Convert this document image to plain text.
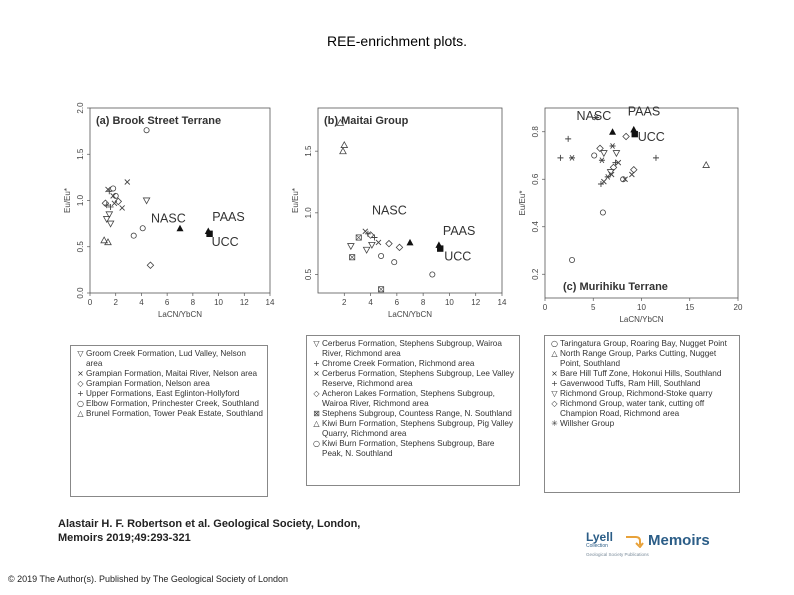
REE-enrichment plots.
0	2	4	6	8 10 12 14
0.0
0.5
1.0
1.5
2.0
LaCN/YbCN
Eu/Eu*
(a) Brook Street Terrane
NASC PAAS
UCC
2	4	6	8 10 12 14
0.5
1.0
1.5
LaCN/YbCN
Eu/Eu*
(b) Maitai Group
NASC
PAAS
UCC
0	5	10	15	20
0.2
0.4
0.6
0.8
LaCN/YbCN
Eu/Eu*
(c) Murihiku Terrane
NASC PAAS
UCC
▽ Groom Creek Formation, Lud Valley, Nelson area
× Grampian Formation, Maitai River, Nelson area
◇ Grampian Formation, Nelson area
+ Upper Formations, East Eglinton-Hollyford
○ Elbow Formation, Princhester Creek, Southland
△ Brunel Formation, Tower Peak Estate, Southland
▽ Cerberus Formation, Stephens Subgroup, Wairoa River, Richmond area
+ Chrome Creek Formation, Richmond area
× Cerberus Formation, Stephens Subgroup, Lee Valley Reserve, Richmond area
◇ Acheron Lakes Formation, Stephens Subgroup, Wairoa River, Richmond area
⊠ Stephens Subgroup, Countess Range, N. Southland
△ Kiwi Burn Formation, Stephens Subgroup, Pig Valley Quarry, Richmond area
○ Kiwi Burn Formation, Stephens Subgroup, Bare Peak, N. Southland
○ Taringatura Group, Roaring Bay, Nugget Point
△ North Range Group, Parks Cutting, Nugget Point, Southland
× Bare Hill Tuff Zone, Hokonui Hills, Southland
+ Gavenwood Tuffs, Ram Hill, Southland
▽ Richmond Group, Richmond-Stoke quarry
◇ Richmond Group, water tank, cutting off Champion Road, Richmond area
✳ Willsher Group
Alastair H. F. Robertson et al. Geological Society, London,
Memoirs 2019;49:293-321	Lyell
Collection
Geological Society Publications
Memoirs
© 2019 The Author(s). Published by The Geological Society of London
